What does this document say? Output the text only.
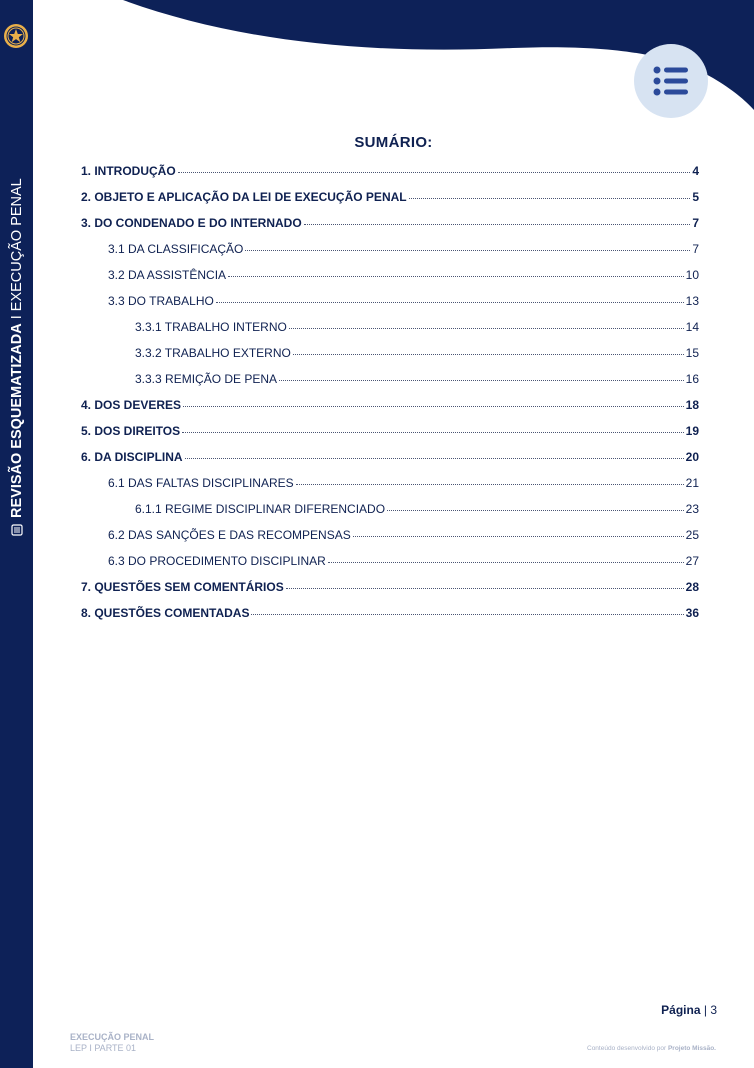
REVISÃO ESQUEMATIZADA
I EXECUÇÃO PENAL
SUMÁRIO:
1. INTRODUÇÃO	4
2. OBJETO E APLICAÇÃO DA LEI DE EXECUÇÃO PENAL	5
3. DO CONDENADO E DO INTERNADO	7
3.1 DA CLASSIFICAÇÃO	7
3.2 DA ASSISTÊNCIA	10
3.3 DO TRABALHO	13
3.3.1 TRABALHO INTERNO	14
3.3.2 TRABALHO EXTERNO	15
3.3.3 REMIÇÃO DE PENA	16
4. DOS DEVERES	18
5. DOS DIREITOS	19
6. DA DISCIPLINA	20
6.1 DAS FALTAS DISCIPLINARES	21
6.1.1 REGIME DISCIPLINAR DIFERENCIADO	23
6.2 DAS SANÇÕES E DAS RECOMPENSAS	25
6.3 DO PROCEDIMENTO DISCIPLINAR	27
7. QUESTÕES SEM COMENTÁRIOS	28
8. QUESTÕES COMENTADAS	36
Página | 3
EXECUÇÃO PENAL
LEP I PARTE 01	Conteúdo desenvolvido por Projeto Missão.
